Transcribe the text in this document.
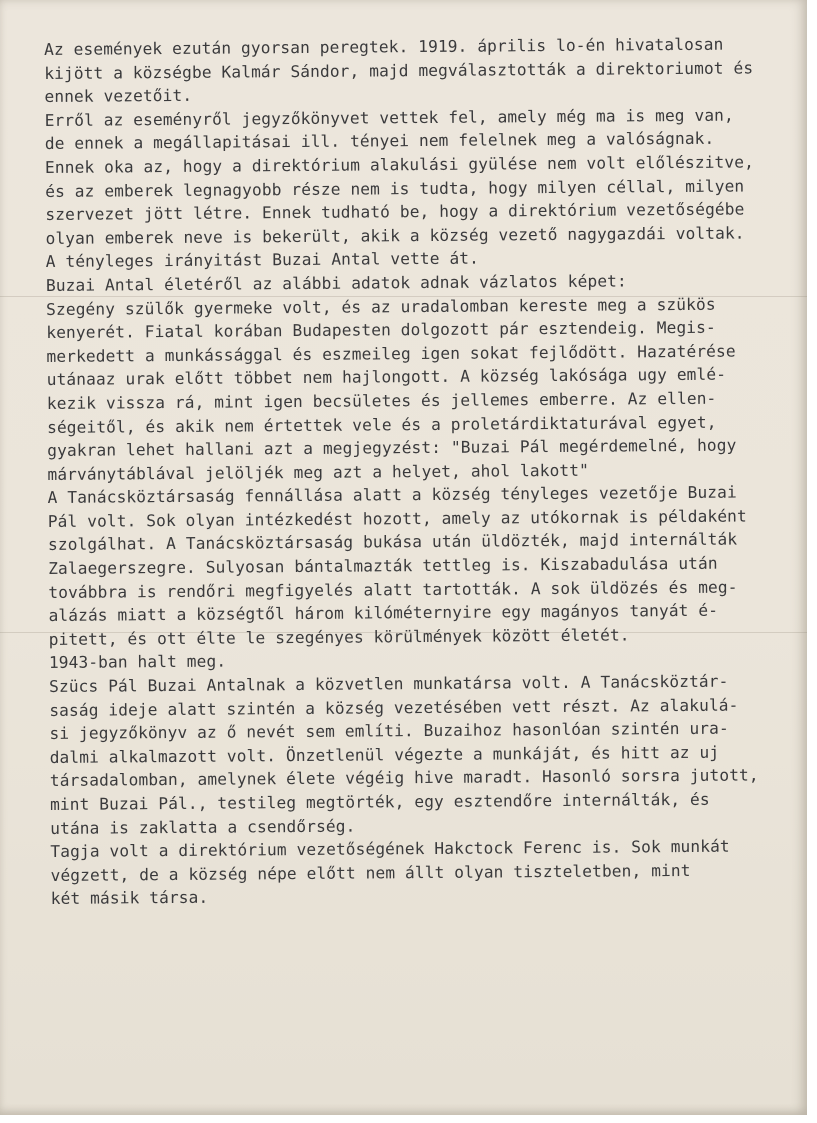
Az események ezután gyorsan peregtek. 1919. április lo-én hivatalosan
kijött a községbe Kalmár Sándor, majd megválasztották a direktoriumot és
ennek vezetőit.
Erről az eseményről jegyzőkönyvet vettek fel, amely még ma is meg van,
de ennek a megállapitásai ill. tényei nem felelnek meg a valóságnak.
Ennek oka az, hogy a direktórium alakulási gyülése nem volt előlészitve,
és az emberek legnagyobb része nem is tudta, hogy milyen céllal, milyen
szervezet jött létre. Ennek tudható be, hogy a direktórium vezetőségébe
olyan emberek neve is bekerült, akik a község vezető nagygazdái voltak.
A tényleges irányitást Buzai Antal vette át.
Buzai Antal életéről az alábbi adatok adnak vázlatos képet:
Szegény szülők gyermeke volt, és az uradalomban kereste meg a szükös
kenyerét. Fiatal korában Budapesten dolgozott pár esztendeig. Megis-
merkedett a munkássággal és eszmeileg igen sokat fejlődött. Hazatérése
utánaaz urak előtt többet nem hajlongott. A község lakósága ugy emlé-
kezik vissza rá, mint igen becsületes és jellemes emberre. Az ellen-
ségeitől, és akik nem értettek vele és a proletárdiktaturával egyet,
gyakran lehet hallani azt a megjegyzést: "Buzai Pál megérdemelné, hogy
márványtáblával jelöljék meg azt a helyet, ahol lakott"
A Tanácsköztársaság fennállása alatt a község tényleges vezetője Buzai
Pál volt. Sok olyan intézkedést hozott, amely az utókornak is példaként
szolgálhat. A Tanácsköztársaság bukása után üldözték, majd internálták
Zalaegerszegre. Sulyosan bántalmazták tettleg is. Kiszabadulása után
továbbra is rendőri megfigyelés alatt tartották. A sok üldözés és meg-
alázás miatt a községtől három kilóméternyire egy magányos tanyát é-
pitett, és ott élte le szegényes körülmények között életét.
1943-ban halt meg.
Szücs Pál Buzai Antalnak a közvetlen munkatársa volt. A Tanácsköztár-
saság ideje alatt szintén a község vezetésében vett részt. Az alakulá-
si jegyzőkönyv az ő nevét sem említi. Buzaihoz hasonlóan szintén ura-
dalmi alkalmazott volt. Önzetlenül végezte a munkáját, és hitt az uj
társadalomban, amelynek élete végéig hive maradt. Hasonló sorsra jutott,
mint Buzai Pál., testileg megtörték, egy esztendőre internálták, és
utána is zaklatta a csendőrség.
Tagja volt a direktórium vezetőségének Hakctock Ferenc is. Sok munkát
végzett, de a község népe előtt nem állt olyan tiszteletben, mint
két másik társa.
